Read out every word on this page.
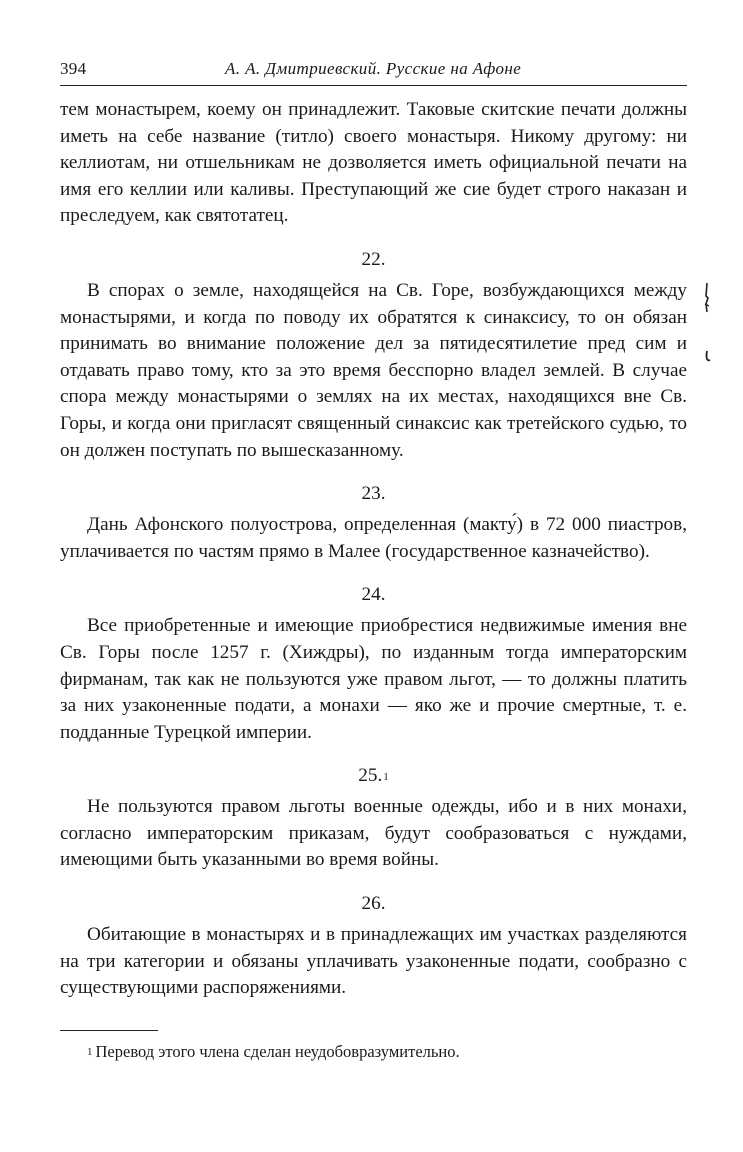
394	А. А. Дмитриевский. Русские на Афоне

тем монастырем, коему он принадлежит. Таковые скитские печати должны иметь на себе название (титло) своего монастыря. Никому другому: ни келлиотам, ни отшельникам не дозволяется иметь официальной печати на имя его келлии или каливы. Преступающий же сие будет строго наказан и преследуем, как святотатец.

22.

В спорах о земле, находящейся на Св. Горе, возбуждающихся между монастырями, и когда по поводу их обратятся к синаксису, то он обязан принимать во внимание положение дел за пятидесятилетие пред сим и отдавать право тому, кто за это время бесспорно владел землей. В случае спора между монастырями о землях на их местах, находящихся вне Св. Горы, и когда они пригласят священный синаксис как третейского судью, то он должен поступать по вышесказанному.

23.

Дань Афонского полуострова, определенная (макту́) в 72 000 пиастров, уплачивается по частям прямо в Малее (государственное казначейство).

24.

Все приобретенные и имеющие приобрестися недвижимые имения вне Св. Горы после 1257 г. (Хиждры), по изданным тогда императорским фирманам, так как не пользуются уже правом льгот, — то должны платить за них узаконенные подати, а монахи — яко же и прочие смертные, т. е. подданные Турецкой империи.

25.$^1$

Не пользуются правом льготы военные одежды, ибо и в них монахи, согласно императорским приказам, будут сообразоваться с нуждами, имеющими быть указанными во время войны.

26.

Обитающие в монастырях и в принадлежащих им участках разделяются на три категории и обязаны уплачивать узаконенные подати, сообразно с существующими распоряжениями.

$^1$ Перевод этого члена сделан неудобовразумительно.
